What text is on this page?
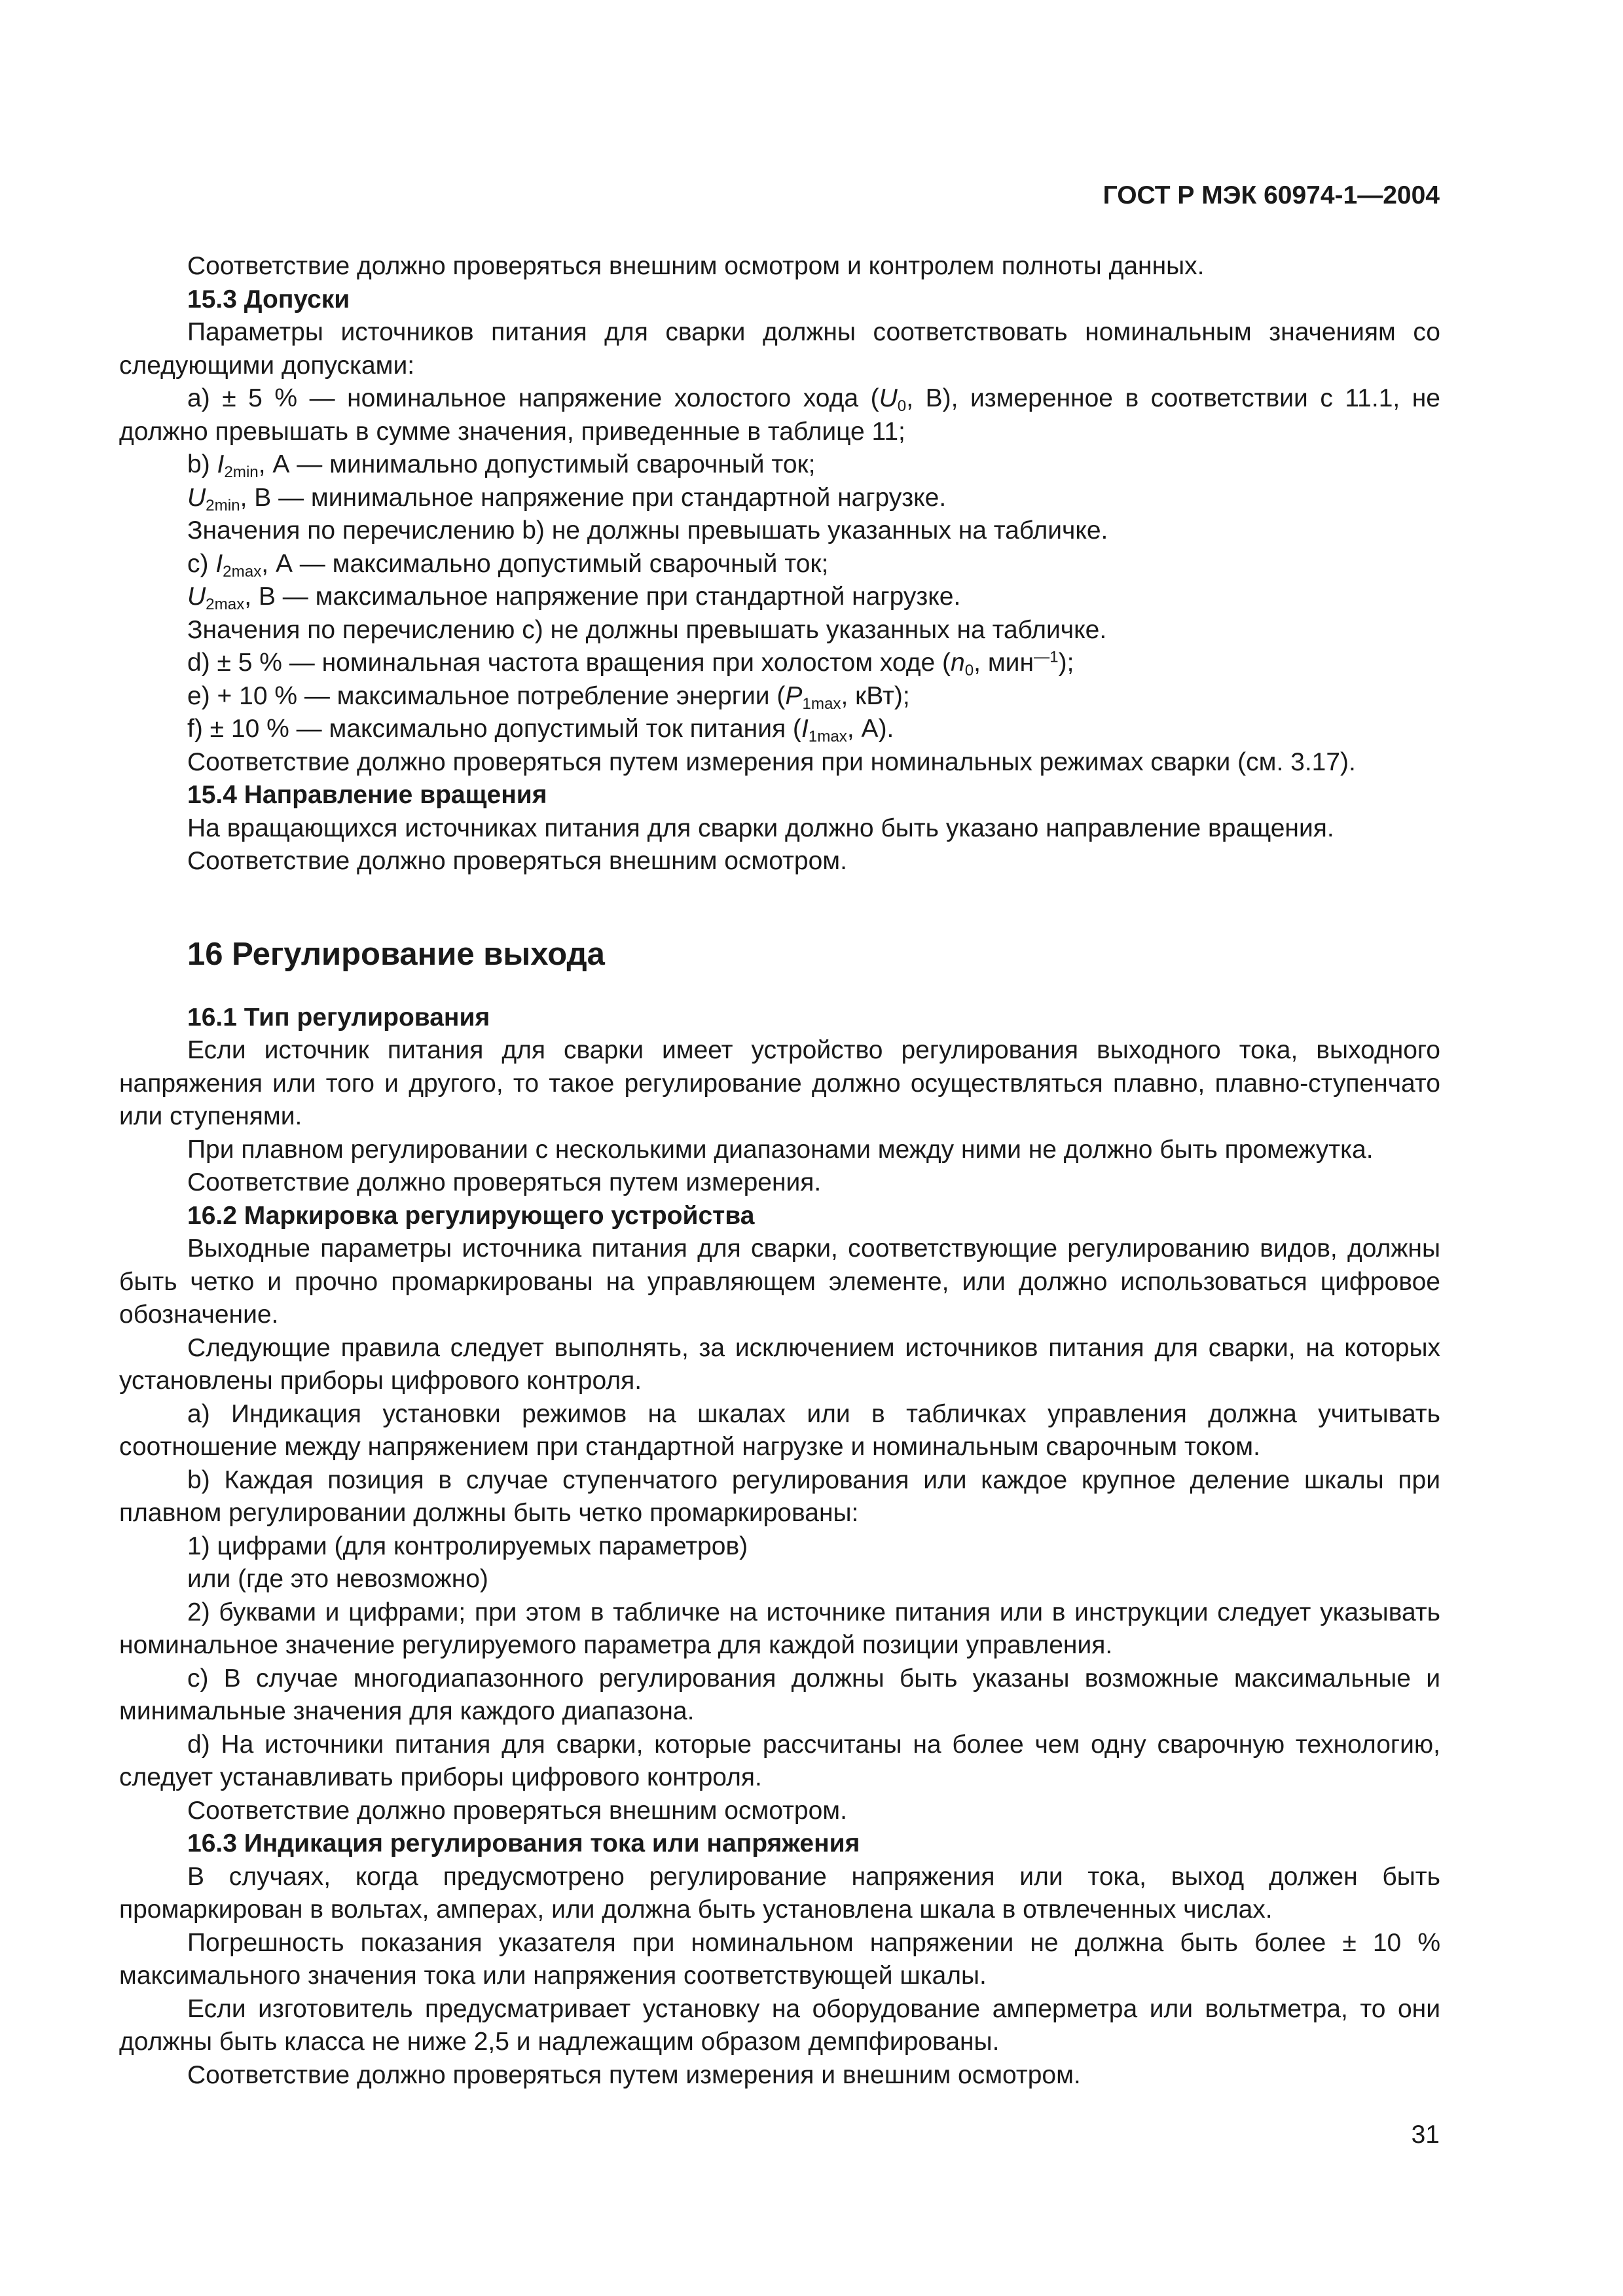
ГОСТ Р МЭК 60974-1—2004

Соответствие должно проверяться внешним осмотром и контролем полноты данных.

15.3 Допуски

Параметры источников питания для сварки должны соответствовать номинальным значениям со следующими допусками:

а) ± 5 % — номинальное напряжение холостого хода ($U_0$, В), измеренное в соответствии с 11.1, не должно превышать в сумме значения, приведенные в таблице 11;

b) $I_{2min}$, А — минимально допустимый сварочный ток;

$U_{2min}$, В — минимальное напряжение при стандартной нагрузке.

Значения по перечислению b) не должны превышать указанных на табличке.

с) $I_{2max}$, А — максимально допустимый сварочный ток;

$U_{2max}$, В — максимальное напряжение при стандартной нагрузке.

Значения по перечислению с) не должны превышать указанных на табличке.

d) ± 5 % — номинальная частота вращения при холостом ходе ($n_0$, мин$^{—1}$);

е) + 10 % — максимальное потребление энергии ($P_{1max}$, кВт);

f) ± 10 % — максимально допустимый ток питания ($I_{1max}$, А).

Соответствие должно проверяться путем измерения при номинальных режимах сварки (см. 3.17).

15.4 Направление вращения

На вращающихся источниках питания для сварки должно быть указано направление вращения.

Соответствие должно проверяться внешним осмотром.

16 Регулирование выхода

16.1 Тип регулирования

Если источник питания для сварки имеет устройство регулирования выходного тока, выходного напряжения или того и другого, то такое регулирование должно осуществляться плавно, плавно-ступенчато или ступенями.

При плавном регулировании с несколькими диапазонами между ними не должно быть промежутка.

Соответствие должно проверяться путем измерения.

16.2 Маркировка регулирующего устройства

Выходные параметры источника питания для сварки, соответствующие регулированию видов, должны быть четко и прочно промаркированы на управляющем элементе, или должно использоваться цифровое обозначение.

Следующие правила следует выполнять, за исключением источников питания для сварки, на которых установлены приборы цифрового контроля.

а) Индикация установки режимов на шкалах или в табличках управления должна учитывать соотношение между напряжением при стандартной нагрузке и номинальным сварочным током.

b) Каждая позиция в случае ступенчатого регулирования или каждое крупное деление шкалы при плавном регулировании должны быть четко промаркированы:

1) цифрами (для контролируемых параметров)

или (где это невозможно)

2) буквами и цифрами; при этом в табличке на источнике питания или в инструкции следует указывать номинальное значение регулируемого параметра для каждой позиции управления.

с) В случае многодиапазонного регулирования должны быть указаны возможные максимальные и минимальные значения для каждого диапазона.

d) На источники питания для сварки, которые рассчитаны на более чем одну сварочную технологию, следует устанавливать приборы цифрового контроля.

Соответствие должно проверяться внешним осмотром.

16.3 Индикация регулирования тока или напряжения

В случаях, когда предусмотрено регулирование напряжения или тока, выход должен быть промаркирован в вольтах, амперах, или должна быть установлена шкала в отвлеченных числах.

Погрешность показания указателя при номинальном напряжении не должна быть более ± 10 % максимального значения тока или напряжения соответствующей шкалы.

Если изготовитель предусматривает установку на оборудование амперметра или вольтметра, то они должны быть класса не ниже 2,5 и надлежащим образом демпфированы.

Соответствие должно проверяться путем измерения и внешним осмотром.

31
